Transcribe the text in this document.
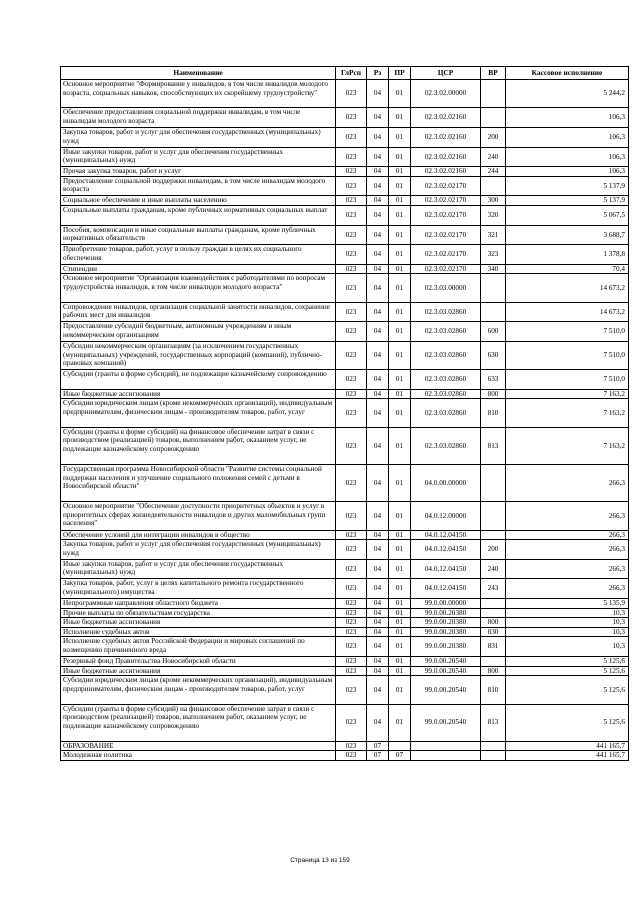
Наименование	ГлРсп	Рз	ПР	ЦСР	ВР	Кассовое исполнение
Основное мероприятие "Формирование у инвалидов, в том числе инвалидов молодого возраста, социальных навыков, способствующих их скорейшему трудоустройству"	023	04	01	02.3.02.00000		5 244,2
Обеспечение предоставления социальной поддержки инвалидам, в том числе инвалидам молодого возраста	023	04	01	02.3.02.02160		106,3
Закупка товаров, работ и услуг для обеспечения государственных (муниципальных) нужд	023	04	01	02.3.02.02160	200	106,3
Иные закупки товаров, работ и услуг для обеспечения государственных (муниципальных) нужд	023	04	01	02.3.02.02160	240	106,3
Прочая закупка товаров, работ и услуг	023	04	01	02.3.02.02160	244	106,3
Предоставление социальной поддержки инвалидам, в том числе инвалидам молодого возраста	023	04	01	02.3.02.02170		5 137,9
Социальное обеспечение и иные выплаты населению	023	04	01	02.3.02.02170	300	5 137,9
Социальные выплаты гражданам, кроме публичных нормативных социальных выплат	023	04	01	02.3.02.02170	320	5 067,5
Пособия, компенсации и иные социальные выплаты гражданам, кроме публичных нормативных обязательств	023	04	01	02.3.02.02170	321	3 688,7
Приобретение товаров, работ, услуг в пользу граждан в целях их социального обеспечения	023	04	01	02.3.02.02170	323	1 378,8
Стипендии	023	04	01	02.3.02.02170	340	70,4
Основное мероприятие "Организация взаимодействия с работодателями по вопросам трудоустройства инвалидов, в том числе инвалидов молодого возраста"	023	04	01	02.3.03.00000		14 673,2
Сопровождение инвалидов, организация социальной занятости инвалидов, сохранение рабочих мест для инвалидов	023	04	01	02.3.03.02860		14 673,2
Предоставление субсидий бюджетным, автономным учреждениям и иным некоммерческим организациям	023	04	01	02.3.03.02860	600	7 510,0
Субсидии некоммерческим организациям (за исключением государственных (муниципальных) учреждений, государственных корпораций (компаний), публично-правовых компаний)	023	04	01	02.3.03.02860	630	7 510,0
Субсидии (гранты в форме субсидий), не подлежащие казначейскому сопровождению	023	04	01	02.3.03.02860	633	7 510,0
Иные бюджетные ассигнования	023	04	01	02.3.03.02860	800	7 163,2
Субсидии юридическим лицам (кроме некоммерческих организаций), индивидуальным предпринимателям, физическим лицам - производителям товаров, работ, услуг	023	04	01	02.3.03.02860	810	7 163,2
Субсидии (гранты в форме субсидий) на финансовое обеспечение затрат в связи с производством (реализацией) товаров, выполнением работ, оказанием услуг, не подлежащие казначейскому сопровождению	023	04	01	02.3.03.02860	813	7 163,2
Государственная программа Новосибирской области "Развитие системы социальной поддержки населения и улучшение социального положения семей с детьми в Новосибирской области"	023	04	01	04.0.00.00000		266,3
Основное мероприятие "Обеспечение доступности приоритетных объектов и услуг в приоритетных сферах жизнедеятельности инвалидов и других маломобильных групп населения"	023	04	01	04.0.12.00000		266,3
Обеспечение условий для интеграции инвалидов в общество	023	04	01	04.0.12.04150		266,3
Закупка товаров, работ и услуг для обеспечения государственных (муниципальных) нужд	023	04	01	04.0.12.04150	200	266,3
Иные закупки товаров, работ и услуг для обеспечения государственных (муниципальных) нужд	023	04	01	04.0.12.04150	240	266,3
Закупка товаров, работ, услуг в целях капитального ремонта государственного (муниципального) имущества	023	04	01	04.0.12.04150	243	266,3
Непрограммные направления областного бюджета	023	04	01	99.0.00.00000		5 135,9
Прочие выплаты по обязательствам государства	023	04	01	99.0.00.20380		10,3
Иные бюджетные ассигнования	023	04	01	99.0.00.20380	800	10,3
Исполнение судебных актов	023	04	01	99.0.00.20380	830	10,3
Исполнение судебных актов Российской Федерации и мировых соглашений по возмещению причиненного вреда	023	04	01	99.0.00.20380	831	10,3
Резервный фонд Правительства Новосибирской области	023	04	01	99.0.00.20540		5 125,6
Иные бюджетные ассигнования	023	04	01	99.0.00.20540	800	5 125,6
Субсидии юридическим лицам (кроме некоммерческих организаций), индивидуальным предпринимателям, физическим лицам - производителям товаров, работ, услуг	023	04	01	99.0.00.20540	810	5 125,6
Субсидии (гранты в форме субсидий) на финансовое обеспечение затрат в связи с производством (реализацией) товаров, выполнением работ, оказанием услуг, не подлежащие казначейскому сопровождению	023	04	01	99.0.00.20540	813	5 125,6
ОБРАЗОВАНИЕ	023	07				441 165,7
Молодежная политика	023	07	07			441 165,7
Страница 13 из 159
